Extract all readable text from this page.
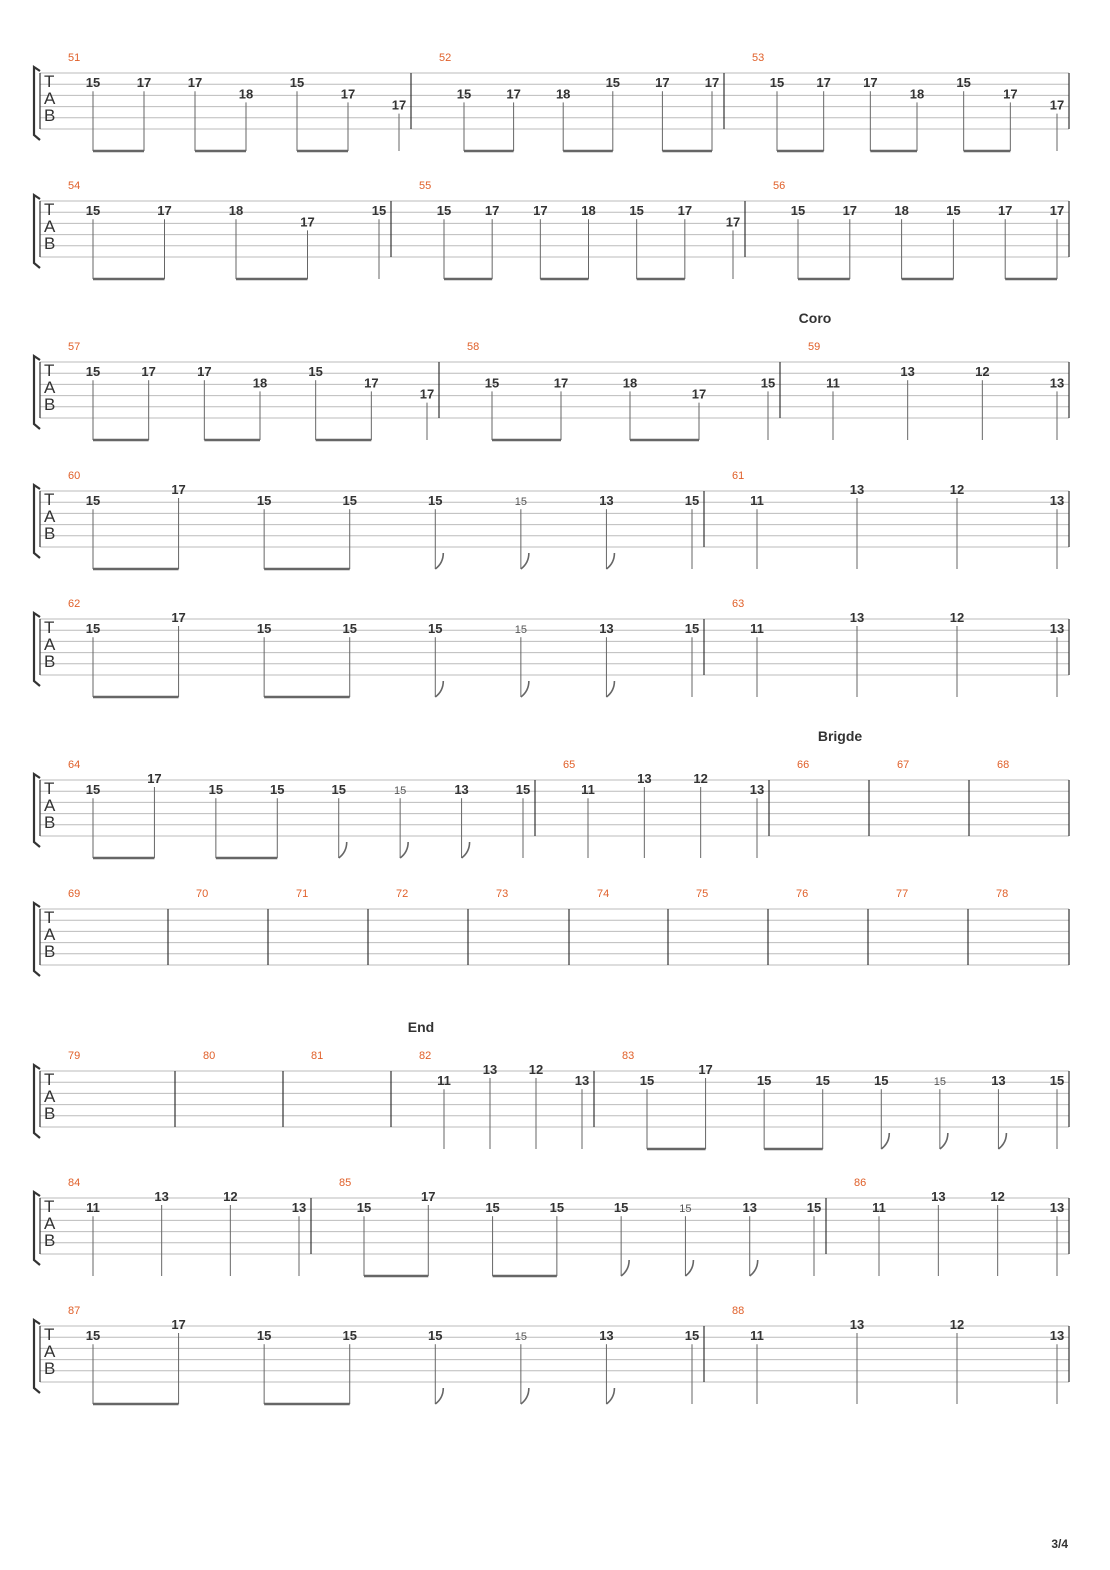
T
A
B
51
15	17	17
18
15
17
17
52
15	17	18
15	17	17
53
15 17 17
18
15
17
17
T
A
B
54
15	17	18
17
15
55
15	17	17	18	15	17
17
56
15	17	18	15	17	17
T
A
B
57
15	17	17
18
15
17
17
58
15	17	18
17
15
59
11
13	12
13
T
A
B
60
15
17
15	15	15	15	13	15
61
11
13	12
13
T
A
B
62
15
17
15	15	15	15	13	15
63
11
13	12
13
T
A
B
64
15
17
15	15	15	15	13	15
65
11
13	12
13
66	67	68
T
A
B
69	70	71	72	73	74	75	76	77	78
T
A
B
79	80	81	82
11
13 12
13
83
15
17
15	15	15	15	13	15
T
A
B
84
11
13	12
13
85
15
17
15	15	15	15	13	15
86
11
13	12
13
T
A
B
87
15
17
15	15	15	15	13	15
88
11
13	12
13
Coro
Brigde
End
3/4
